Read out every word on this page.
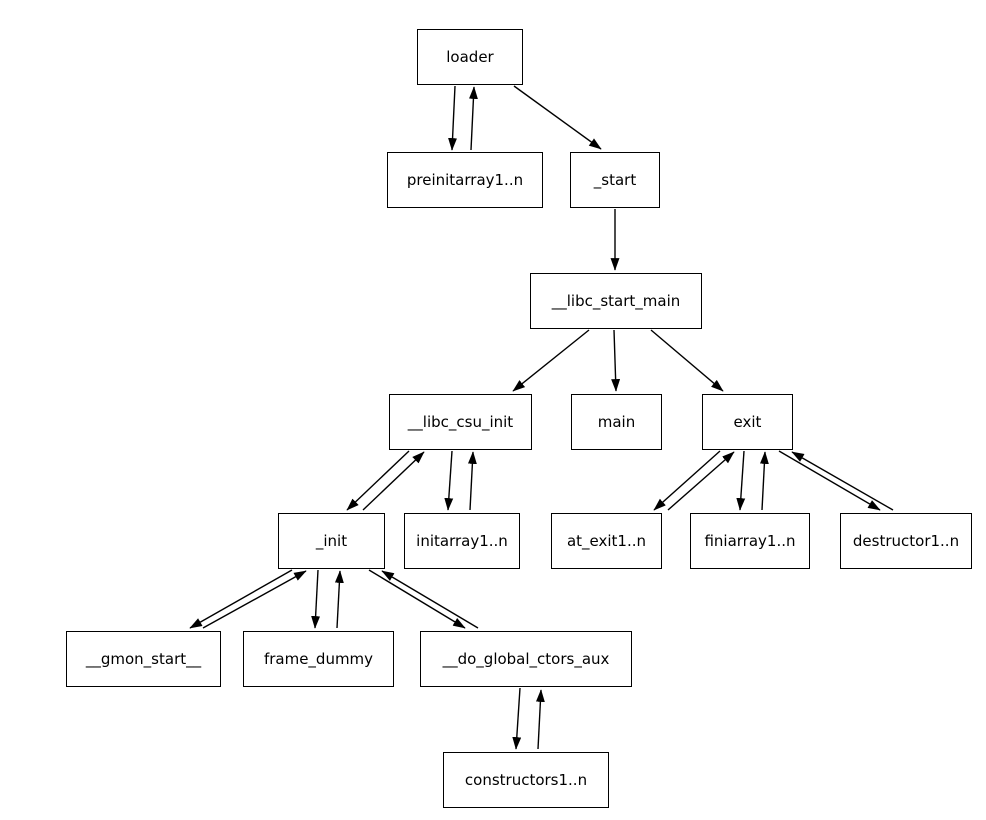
loader
preinitarray1..n	_start
__libc_start_main
__libc_csu_init	main	exit
_init	initarray1..n	at_exit1..n	finiarray1..n	destructor1..n
__gmon_start__	frame_dummy	__do_global_ctors_aux
constructors1..n
